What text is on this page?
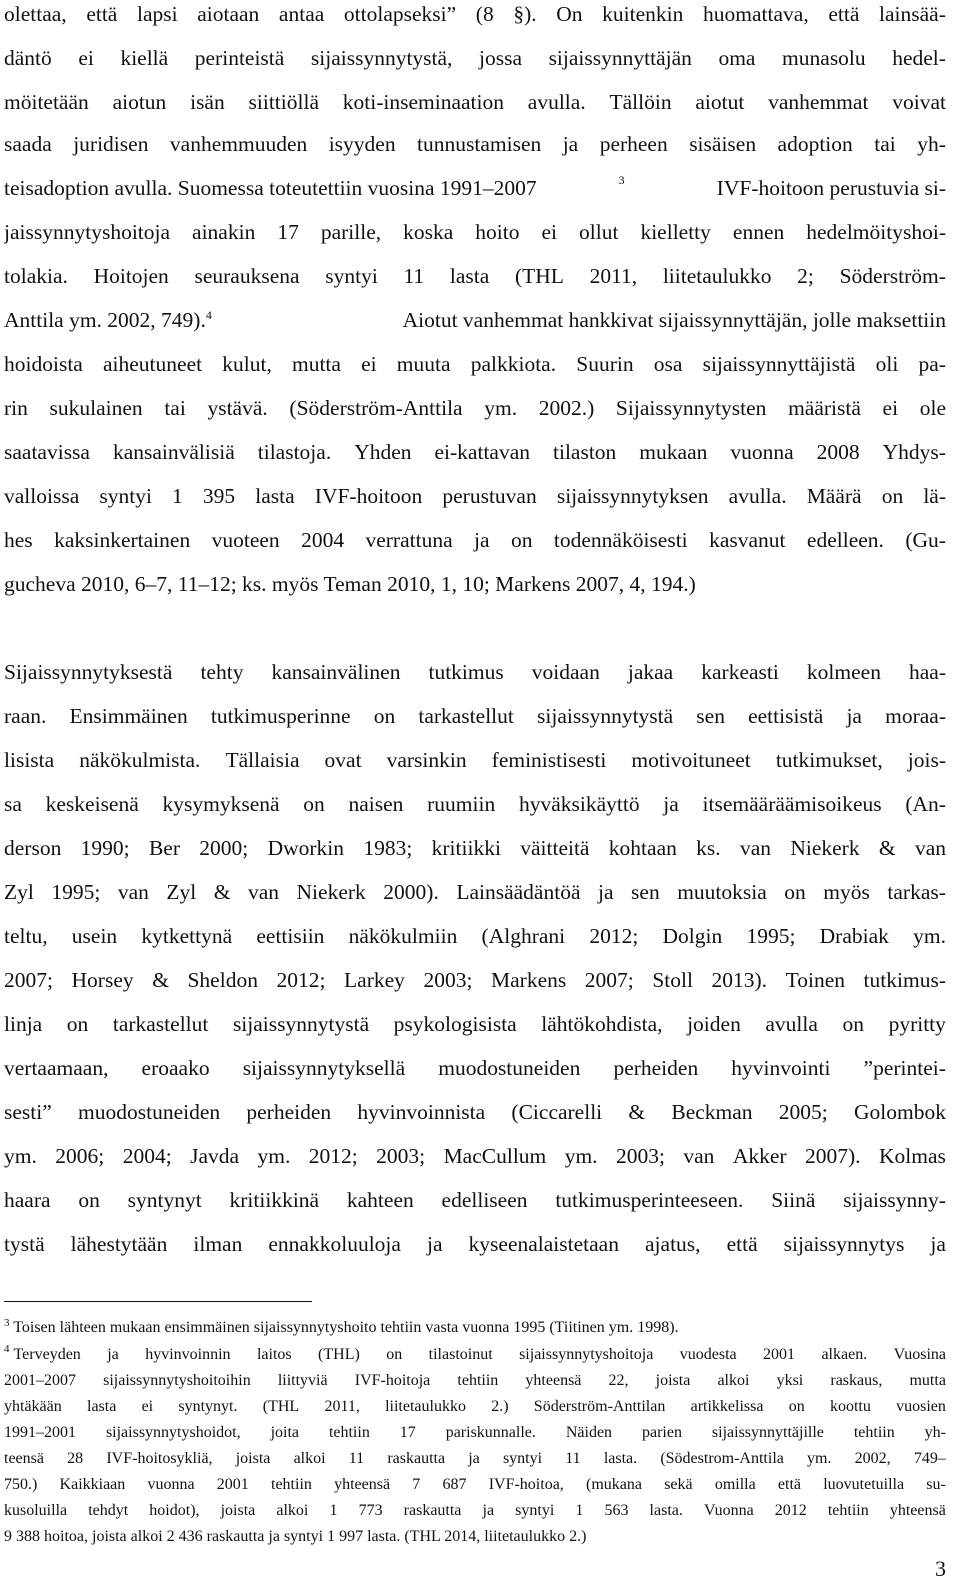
olettaa, että lapsi aiotaan antaa ottolapseksi” (8 §). On kuitenkin huomattava, että lainsää-
däntö ei kiellä perinteistä sijaissynnytystä, jossa sijaissynnyttäjän oma munasolu hedel-
möitetään aiotun isän siittiöllä koti-inseminaation avulla. Tällöin aiotut vanhemmat voivat
saada juridisen vanhemmuuden isyyden tunnustamisen ja perheen sisäisen adoption tai yh-
teisadoption avulla. Suomessa toteutettiin vuosina 1991–2007	3	IVF-hoitoon perustuvia si-
jaissynnytyshoitoja ainakin 17 parille, koska hoito ei ollut kielletty ennen hedelmöityshoi-
tolakia. Hoitojen seurauksena syntyi 11 lasta (THL 2011, liitetaulukko 2; Söderström-
Anttila ym. 2002, 749).$^4$	Aiotut vanhemmat hankkivat sijaissynnyttäjän, jolle maksettiin
hoidoista aiheutuneet kulut, mutta ei muuta palkkiota. Suurin osa sijaissynnyttäjistä oli pa-
rin sukulainen tai ystävä. (Söderström-Anttila ym. 2002.) Sijaissynnytysten määristä ei ole
saatavissa kansainvälisiä tilastoja. Yhden ei-kattavan tilaston mukaan vuonna 2008 Yhdys-
valloissa syntyi 1 395 lasta IVF-hoitoon perustuvan sijaissynnytyksen avulla. Määrä on lä-
hes kaksinkertainen vuoteen 2004 verrattuna ja on todennäköisesti kasvanut edelleen. (Gu-
gucheva 2010, 6–7, 11–12; ks. myös Teman 2010, 1, 10; Markens 2007, 4, 194.)
Sijaissynnytyksestä tehty kansainvälinen tutkimus voidaan jakaa karkeasti kolmeen haa-
raan. Ensimmäinen tutkimusperinne on tarkastellut sijaissynnytystä sen eettisistä ja moraa-
lisista näkökulmista. Tällaisia ovat varsinkin feministisesti motivoituneet tutkimukset, jois-
sa keskeisenä kysymyksenä on naisen ruumiin hyväksikäyttö ja itsemääräämisoikeus (An-
derson 1990; Ber 2000; Dworkin 1983; kritiikki väitteitä kohtaan ks. van Niekerk & van
Zyl 1995; van Zyl & van Niekerk 2000). Lainsäädäntöä ja sen muutoksia on myös tarkas-
teltu, usein kytkettynä eettisiin näkökulmiin (Alghrani 2012; Dolgin 1995; Drabiak ym.
2007; Horsey & Sheldon 2012; Larkey 2003; Markens 2007; Stoll 2013). Toinen tutkimus-
linja on tarkastellut sijaissynnytystä psykologisista lähtökohdista, joiden avulla on pyritty
vertaamaan, eroaako sijaissynnytyksellä muodostuneiden perheiden hyvinvointi ”perintei-
sesti” muodostuneiden perheiden hyvinvoinnista (Ciccarelli & Beckman 2005; Golombok
ym. 2006; 2004; Javda ym. 2012; 2003; MacCullum ym. 2003; van Akker 2007). Kolmas
haara on syntynyt kritiikkinä kahteen edelliseen tutkimusperinteeseen. Siinä sijaissynny-
tystä lähestytään ilman ennakkoluuloja ja kyseenalaistetaan ajatus, että sijaissynnytys ja
$^3$ Toisen lähteen mukaan ensimmäinen sijaissynnytyshoito tehtiin vasta vuonna 1995 (Tiitinen ym. 1998).
4 Terveyden ja hyvinvoinnin laitos (THL) on tilastoinut sijaissynnytyshoitoja vuodesta 2001 alkaen. Vuosina
2001–2007 sijaissynnytyshoitoihin liittyviä IVF-hoitoja tehtiin yhteensä 22, joista alkoi yksi raskaus, mutta
yhtäkään lasta ei syntynyt. (THL 2011, liitetaulukko 2.) Söderström-Anttilan artikkelissa on koottu vuosien
1991–2001 sijaissynnytyshoidot, joita tehtiin 17 pariskunnalle. Näiden parien sijaissynnyttäjille tehtiin yh-
teensä 28 IVF-hoitosykliä, joista alkoi 11 raskautta ja syntyi 11 lasta. (Södestrom-Anttila ym. 2002, 749–
750.) Kaikkiaan vuonna 2001 tehtiin yhteensä 7 687 IVF-hoitoa, (mukana sekä omilla että luovutetuilla su-
kusoluilla tehdyt hoidot), joista alkoi 1 773 raskautta ja syntyi 1 563 lasta. Vuonna 2012 tehtiin yhteensä
9 388 hoitoa, joista alkoi 2 436 raskautta ja syntyi 1 997 lasta. (THL 2014, liitetaulukko 2.)
3
